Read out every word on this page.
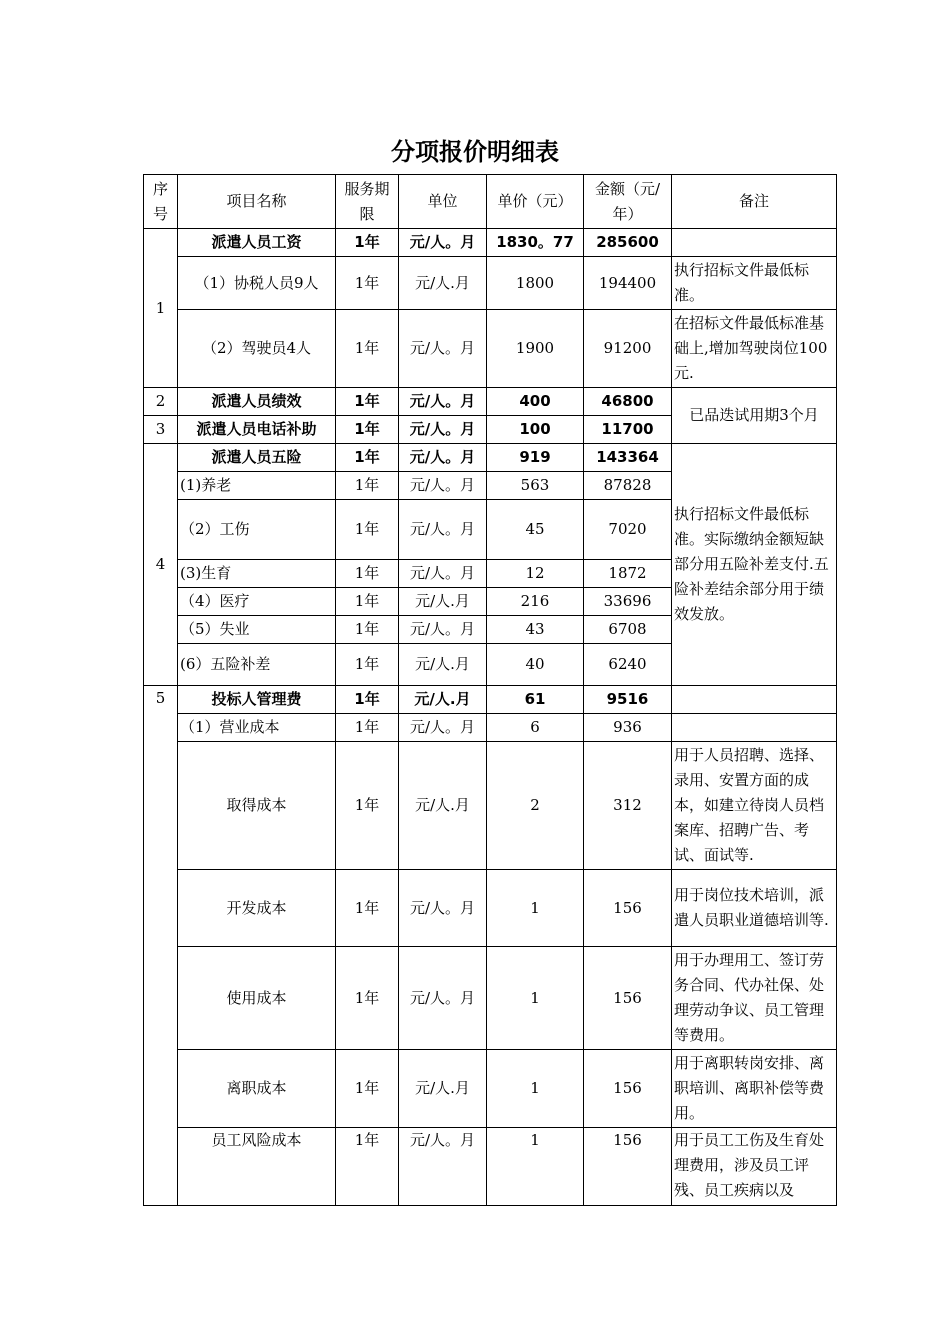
分项报价明细表
序号	项目名称	服务期限	单位	单价（元）	金额（元/年）	备注
1	派遣人员工资	1年	元/人。月	1830。77	285600	
	（1）协税人员9人	1年	元/人.月	1800	194400	执行招标文件最低标准。
	（2）驾驶员4人	1年	元/人。月	1900	91200	在招标文件最低标准基础上,增加驾驶岗位100元.
2	派遣人员绩效	1年	元/人。月	400	46800	已品迭试用期3个月
3	派遣人员电话补助	1年	元/人。月	100	11700	
4	派遣人员五险	1年	元/人。月	919	143364	执行招标文件最低标准。实际缴纳金额短缺部分用五险补差支付.五险补差结余部分用于绩效发放。
	(1)养老	1年	元/人。月	563	87828	
	（2）工伤	1年	元/人。月	45	7020	
	(3)生育	1年	元/人。月	12	1872	
	（4）医疗	1年	元/人.月	216	33696	
	（5）失业	1年	元/人。月	43	6708	
	(6）五险补差	1年	元/人.月	40	6240	
5	投标人管理费	1年	元/人.月	61	9516	
	（1）营业成本	1年	元/人。月	6	936	
	取得成本	1年	元/人.月	2	312	用于人员招聘、选择、录用、安置方面的成本，如建立待岗人员档案库、招聘广告、考试、面试等.
	开发成本	1年	元/人。月	1	156	用于岗位技术培训，派遣人员职业道德培训等.
	使用成本	1年	元/人。月	1	156	用于办理用工、签订劳务合同、代办社保、处理劳动争议、员工管理等费用。
	离职成本	1年	元/人.月	1	156	用于离职转岗安排、离职培训、离职补偿等费用。
	员工风险成本	1年	元/人。月	1	156	用于员工工伤及生育处理费用，涉及员工评残、员工疾病以及
